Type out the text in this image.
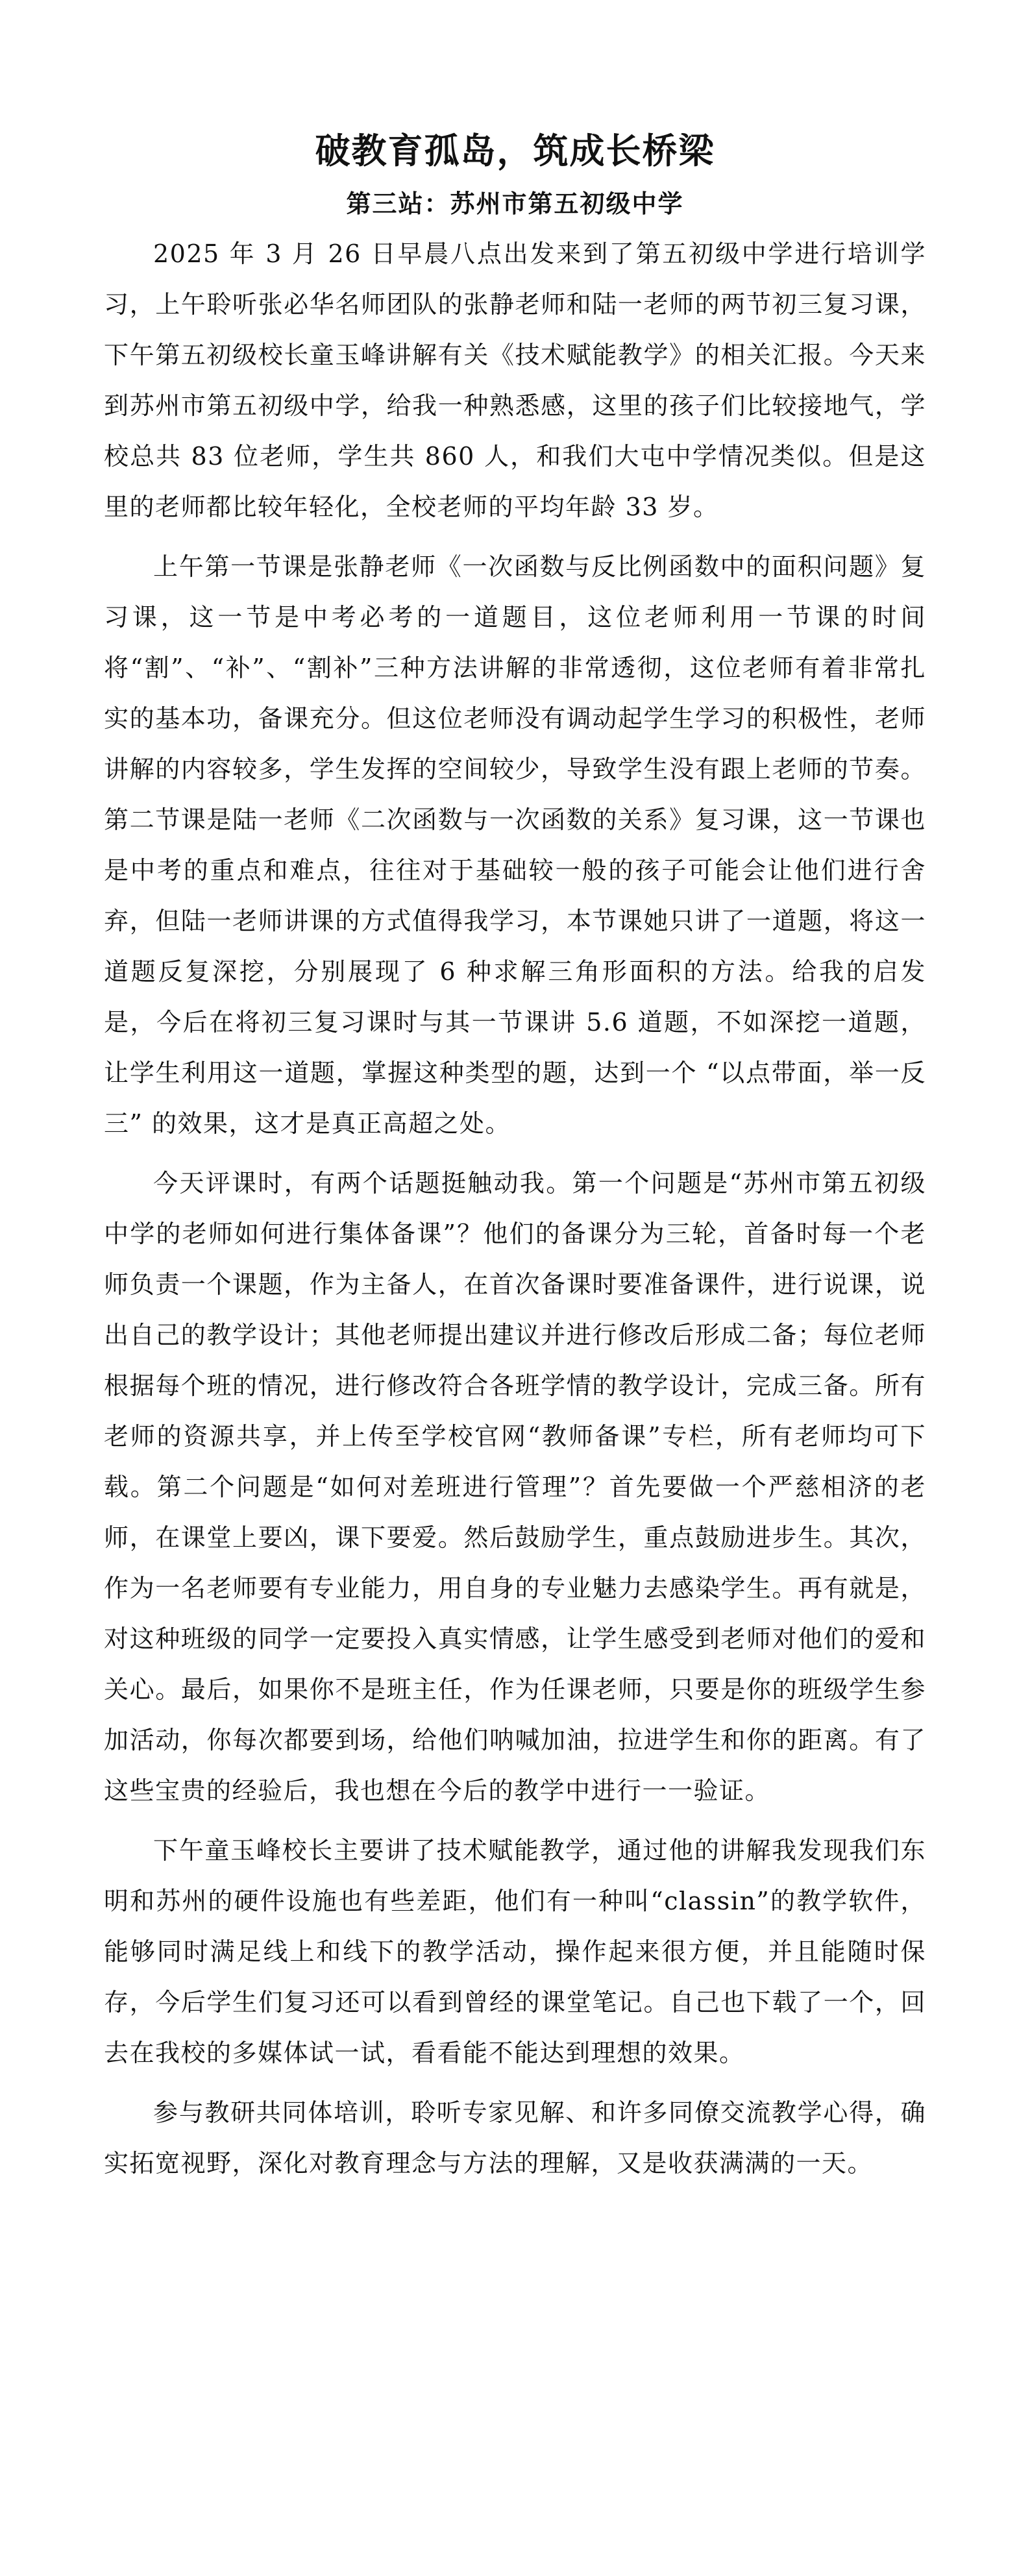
破教育孤岛，筑成长桥梁
第三站：苏州市第五初级中学

2025 年 3 月 26 日早晨八点出发来到了第五初级中学进行培训学习，上午聆听张必华名师团队的张静老师和陆一老师的两节初三复习课，下午第五初级校长童玉峰讲解有关《技术赋能教学》的相关汇报。今天来到苏州市第五初级中学，给我一种熟悉感，这里的孩子们比较接地气，学校总共 83 位老师，学生共 860 人，和我们大屯中学情况类似。但是这里的老师都比较年轻化，全校老师的平均年龄 33 岁。

上午第一节课是张静老师《一次函数与反比例函数中的面积问题》复习课，这一节是中考必考的一道题目，这位老师利用一节课的时间将“割”、“补”、“割补”三种方法讲解的非常透彻，这位老师有着非常扎实的基本功，备课充分。但这位老师没有调动起学生学习的积极性，老师讲解的内容较多，学生发挥的空间较少，导致学生没有跟上老师的节奏。第二节课是陆一老师《二次函数与一次函数的关系》复习课，这一节课也是中考的重点和难点，往往对于基础较一般的孩子可能会让他们进行舍弃，但陆一老师讲课的方式值得我学习，本节课她只讲了一道题，将这一道题反复深挖，分别展现了 6 种求解三角形面积的方法。给我的启发是，今后在将初三复习课时与其一节课讲 5.6 道题，不如深挖一道题，让学生利用这一道题，掌握这种类型的题，达到一个 “以点带面，举一反三” 的效果，这才是真正高超之处。

今天评课时，有两个话题挺触动我。第一个问题是“苏州市第五初级中学的老师如何进行集体备课”？他们的备课分为三轮，首备时每一个老师负责一个课题，作为主备人，在首次备课时要准备课件，进行说课，说出自己的教学设计；其他老师提出建议并进行修改后形成二备；每位老师根据每个班的情况，进行修改符合各班学情的教学设计，完成三备。所有老师的资源共享，并上传至学校官网“教师备课”专栏，所有老师均可下载。第二个问题是“如何对差班进行管理”？首先要做一个严慈相济的老师，在课堂上要凶，课下要爱。然后鼓励学生，重点鼓励进步生。其次，作为一名老师要有专业能力，用自身的专业魅力去感染学生。再有就是，对这种班级的同学一定要投入真实情感，让学生感受到老师对他们的爱和关心。最后，如果你不是班主任，作为任课老师，只要是你的班级学生参加活动，你每次都要到场，给他们呐喊加油，拉进学生和你的距离。有了这些宝贵的经验后，我也想在今后的教学中进行一一验证。

下午童玉峰校长主要讲了技术赋能教学，通过他的讲解我发现我们东明和苏州的硬件设施也有些差距，他们有一种叫“classin”的教学软件，能够同时满足线上和线下的教学活动，操作起来很方便，并且能随时保存，今后学生们复习还可以看到曾经的课堂笔记。自己也下载了一个，回去在我校的多媒体试一试，看看能不能达到理想的效果。

参与教研共同体培训，聆听专家见解、和许多同僚交流教学心得，确实拓宽视野，深化对教育理念与方法的理解，又是收获满满的一天。
